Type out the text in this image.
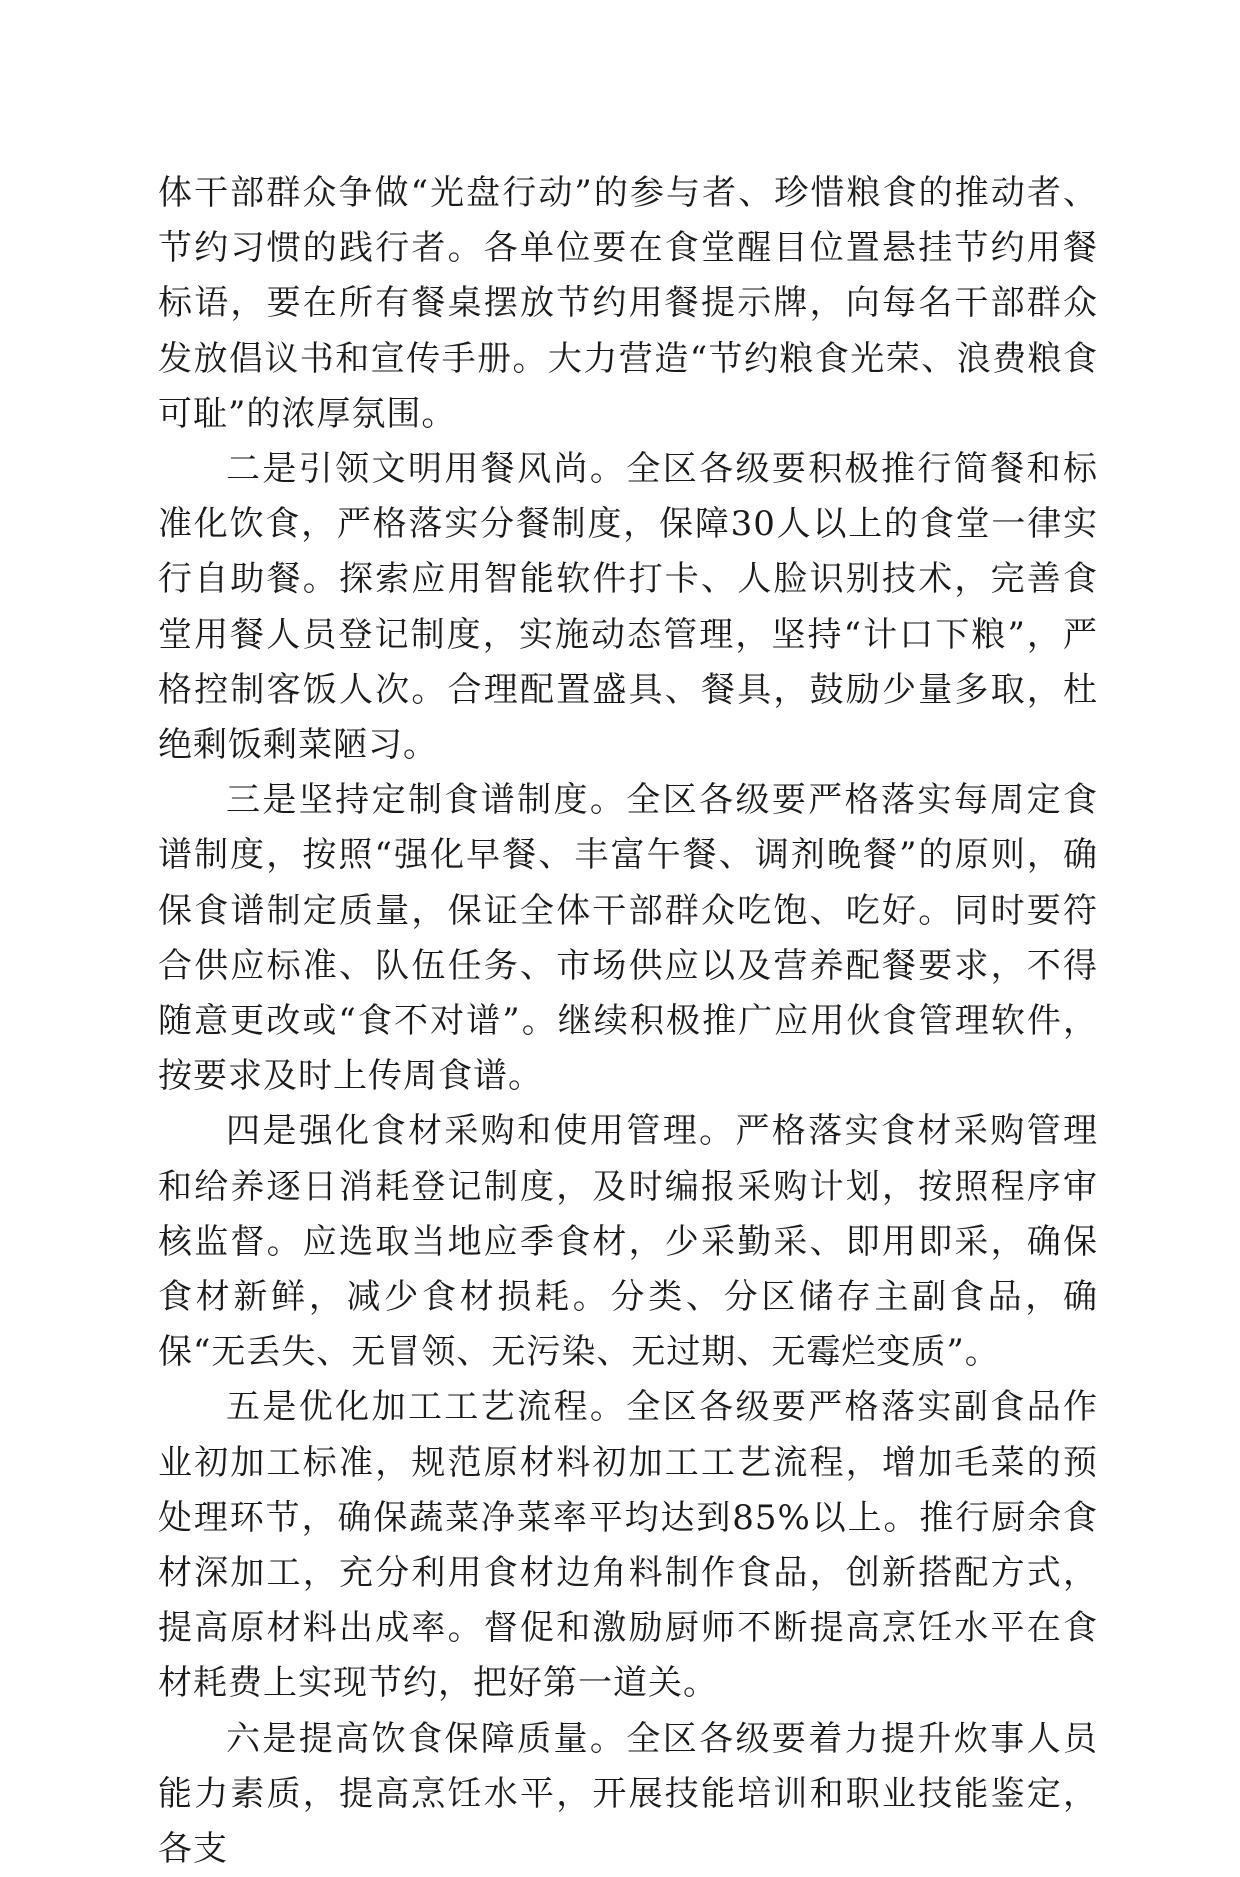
体干部群众争做“光盘行动”的参与者、珍惜粮食的推动者、节约习惯的践行者。各单位要在食堂醒目位置悬挂节约用餐标语，要在所有餐桌摆放节约用餐提示牌，向每名干部群众发放倡议书和宣传手册。大力营造“节约粮食光荣、浪费粮食可耻”的浓厚氛围。

二是引领文明用餐风尚。全区各级要积极推行简餐和标准化饮食，严格落实分餐制度，保障30人以上的食堂一律实行自助餐。探索应用智能软件打卡、人脸识别技术，完善食堂用餐人员登记制度，实施动态管理，坚持“计口下粮”，严格控制客饭人次。合理配置盛具、餐具，鼓励少量多取，杜绝剩饭剩菜陋习。

三是坚持定制食谱制度。全区各级要严格落实每周定食谱制度，按照“强化早餐、丰富午餐、调剂晚餐”的原则，确保食谱制定质量，保证全体干部群众吃饱、吃好。同时要符合供应标准、队伍任务、市场供应以及营养配餐要求，不得随意更改或“食不对谱”。继续积极推广应用伙食管理软件，按要求及时上传周食谱。

四是强化食材采购和使用管理。严格落实食材采购管理和给养逐日消耗登记制度，及时编报采购计划，按照程序审核监督。应选取当地应季食材，少采勤采、即用即采，确保食材新鲜，减少食材损耗。分类、分区储存主副食品，确保“无丢失、无冒领、无污染、无过期、无霉烂变质”。

五是优化加工工艺流程。全区各级要严格落实副食品作业初加工标准，规范原材料初加工工艺流程，增加毛菜的预处理环节，确保蔬菜净菜率平均达到85%以上。推行厨余食材深加工，充分利用食材边角料制作食品，创新搭配方式，提高原材料出成率。督促和激励厨师不断提高烹饪水平在食材耗费上实现节约，把好第一道关。

六是提高饮食保障质量。全区各级要着力提升炊事人员能力素质，提高烹饪水平，开展技能培训和职业技能鉴定，各支
